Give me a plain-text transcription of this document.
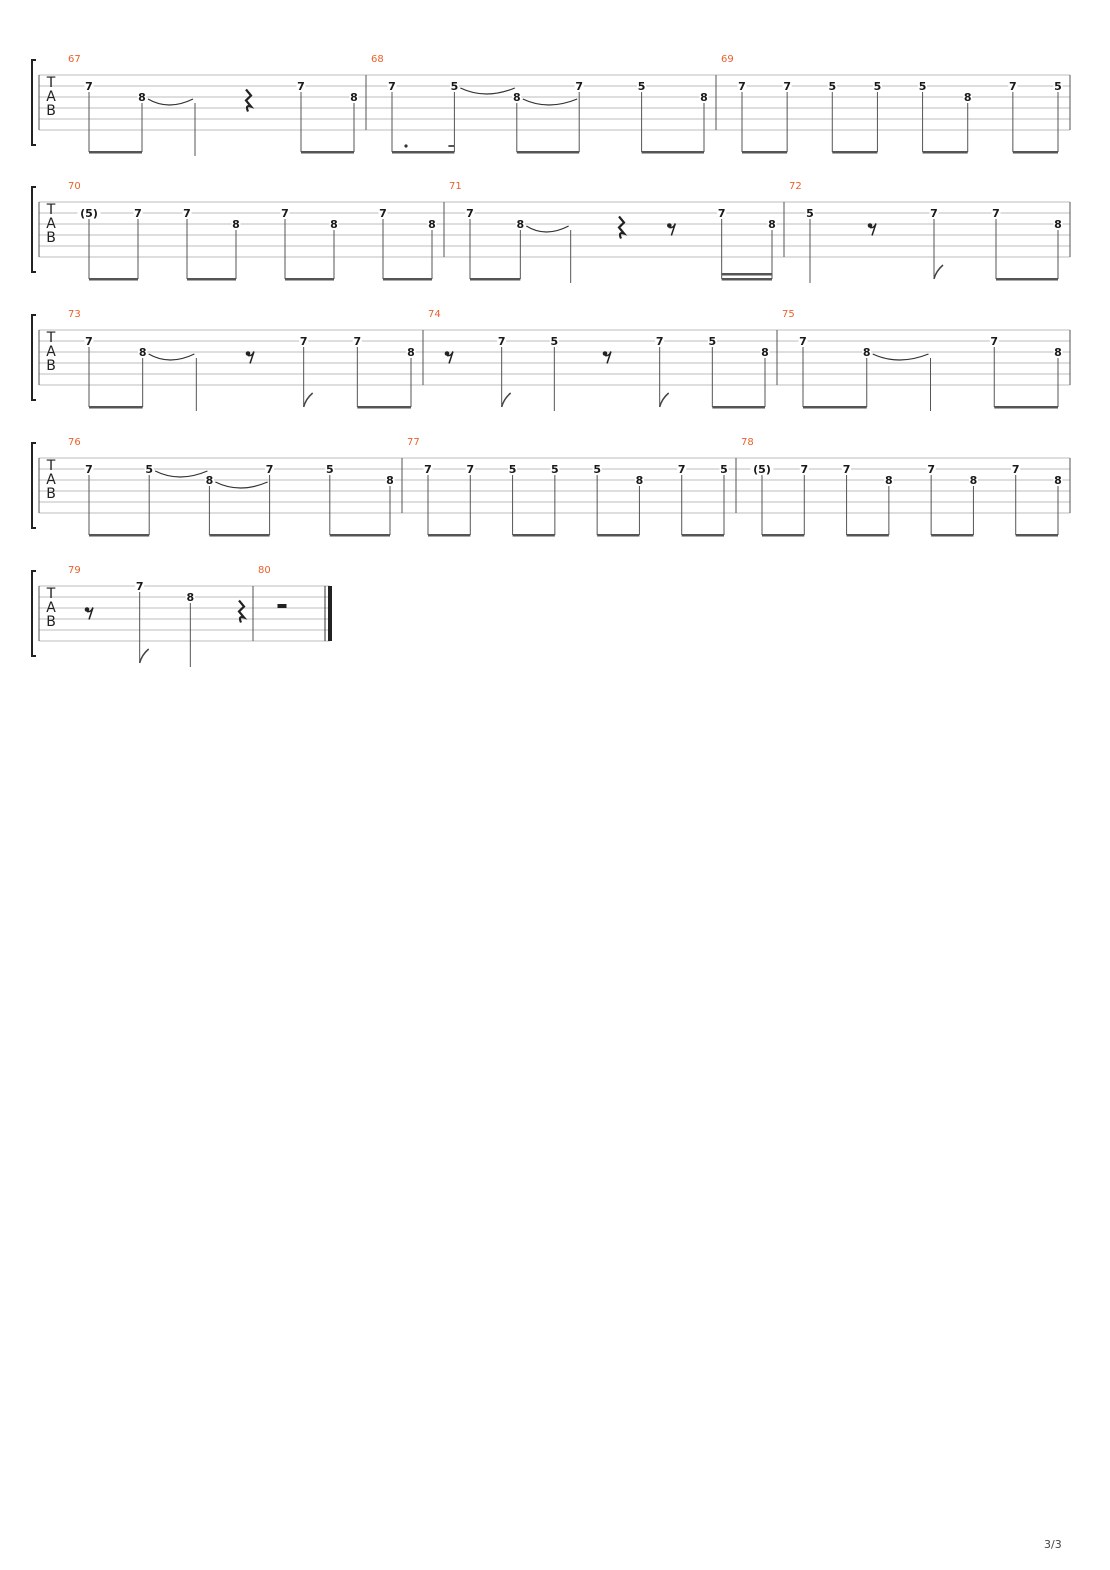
T
A
B
67
7
8
7
8
68
7	5
8
7	5
8
69
7	7	5	5	5
8
7	5
T
A
B
70
(5)	7	7
8
7
8
7
8
71
7
8
7
8
72
5	7	7
8
T
A
B
73
7
8
7	7
8
74
7	5	7	5
8
75
7
8
7
8
T
A
B
76
7	5
8
7	5
8
77
7	7	5	5	5
8
7	5
78
(5)	7	7
8
7
8
7
8
T
A
B
79
7
8
80
3/3
